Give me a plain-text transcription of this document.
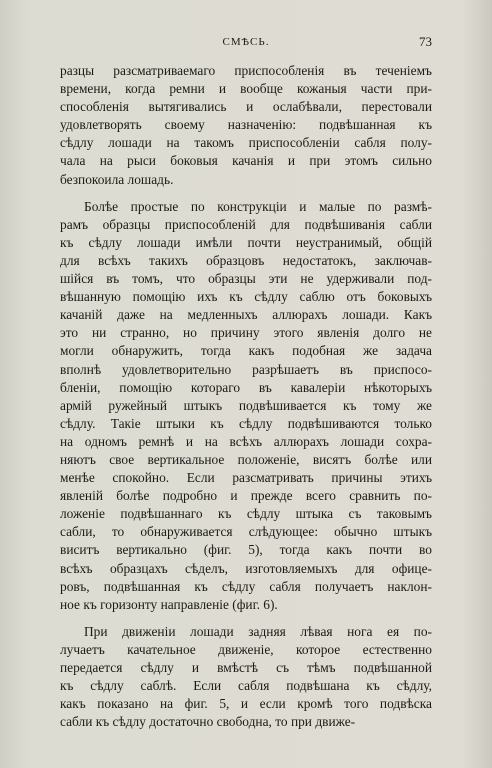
СМѢСЬ.	73
разцы разсматриваемаго приспособленія въ теченіемъ
времени, когда ремни и вообще кожаныя части при-
способленія вытягивались и ослабѣвали, перестовали
удовлетворять своему назначенію: подвѣшанная къ
сѣдлу лошади на такомъ приспособленіи сабля полу-
чала на рыси боковыя качанія и при этомъ сильно
безпокоила лошадь.
Болѣе простые по конструкціи и малые по размѣ-
рамъ образцы приспособленій для подвѣшиванія сабли
къ сѣдлу лошади имѣли почти неустранимый, общій
для всѣхъ такихъ образцовъ недостатокъ, заключав-
шійся въ томъ, что образцы эти не удерживали под-
вѣшанную помощію ихъ къ сѣдлу саблю отъ боковыхъ
качаній даже на медленныхъ аллюрахъ лошади. Какъ
это ни странно, но причину этого явленія долго не
могли обнаружить, тогда какъ подобная же задача
вполнѣ удовлетворительно разрѣшаетъ въ приспосо-
бленіи, помощію котораго въ кавалеріи нѣкоторыхъ
армій ружейный штыкъ подвѣшивается къ тому же
сѣдлу. Такіе штыки къ сѣдлу подвѣшиваются только
на одномъ ремнѣ и на всѣхъ аллюрахъ лошади сохра-
няютъ свое вертикальное положеніе, висятъ болѣе или
менѣе спокойно. Если разсматривать причины этихъ
явленій болѣе подробно и прежде всего сравнить по-
ложеніе подвѣшаннаго къ сѣдлу штыка съ таковымъ
сабли, то обнаруживается слѣдующее: обычно штыкъ
виситъ вертикально (фиг. 5), тогда какъ почти во
всѣхъ образцахъ сѣделъ, изготовляемыхъ для офице-
ровъ, подвѣшанная къ сѣдлу сабля получаетъ наклон-
ное къ горизонту направленіе (фиг. 6).
При движеніи лошади задняя лѣвая нога ея по-
лучаетъ качательное движеніе, которое естественно
передается сѣдлу и вмѣстѣ съ тѣмъ подвѣшанной
къ сѣдлу саблѣ. Если сабля подвѣшана къ сѣдлу,
какъ показано на фиг. 5, и если кромѣ того подвѣска
сабли къ сѣдлу достаточно свободна, то при движе-
